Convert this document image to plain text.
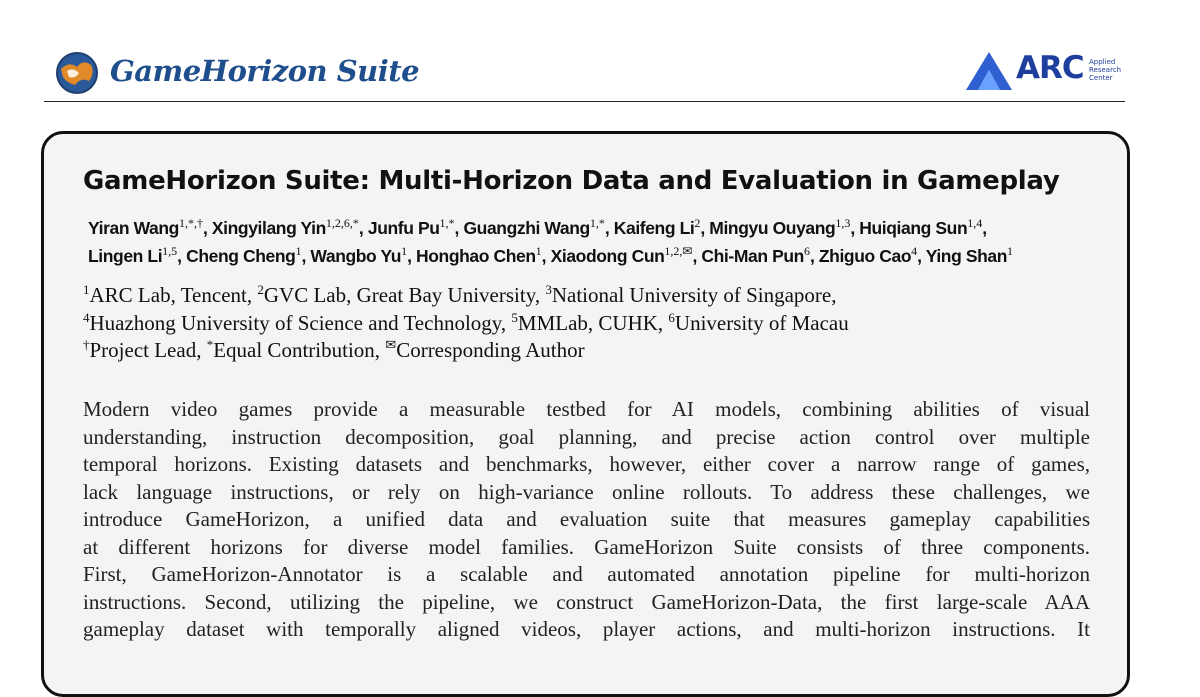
GameHorizon Suite	ARC Applied
Research
Center
GameHorizon Suite: Multi-Horizon Data and Evaluation in Gameplay
Yiran Wang$^{1,*,\dagger}$, Xingyilang Yin$^{1,2,6,*}$, Junfu $Pu^{1,*}$, Guangzhi Wang$^{1,*}$, Kaifeng Li$^2$, Mingyu Ouyang$^{1,3}$, Huiqiang Sun$^{1,4}$,
Lingen Li$^{1,5}$, Cheng Cheng$^1$, Wangbo Yu$^1$, Honghao Chen$^1$, Xiaodong Cun$^{1,2,✉}$, Chi-Man Pun$^6$, Zhiguo Cao$^4$, Ying Shan$^1$
$^1$ARC Lab, Tencent, $^2$GVC Lab, Great Bay University, $^3$National University of Singapore,
$^4$Huazhong University of Science and Technology, $^5$MMLab, CUHK, $^6$University of Macau
†Project Lead, *Equal Contribution, ✉Corresponding Author
Modern video games provide a measurable testbed for AI models, combining abilities of visual
understanding, instruction decomposition, goal planning, and precise action control over multiple
temporal horizons. Existing datasets and benchmarks, however, either cover a narrow range of games,
lack language instructions, or rely on high-variance online rollouts. To address these challenges, we
introduce GameHorizon, a unified data and evaluation suite that measures gameplay capabilities
at different horizons for diverse model families. GameHorizon Suite consists of three components.
First, GameHorizon-Annotator is a scalable and automated annotation pipeline for multi-horizon
instructions. Second, utilizing the pipeline, we construct GameHorizon-Data, the first large-scale AAA
gameplay dataset with temporally aligned videos, player actions, and multi-horizon instructions. It
